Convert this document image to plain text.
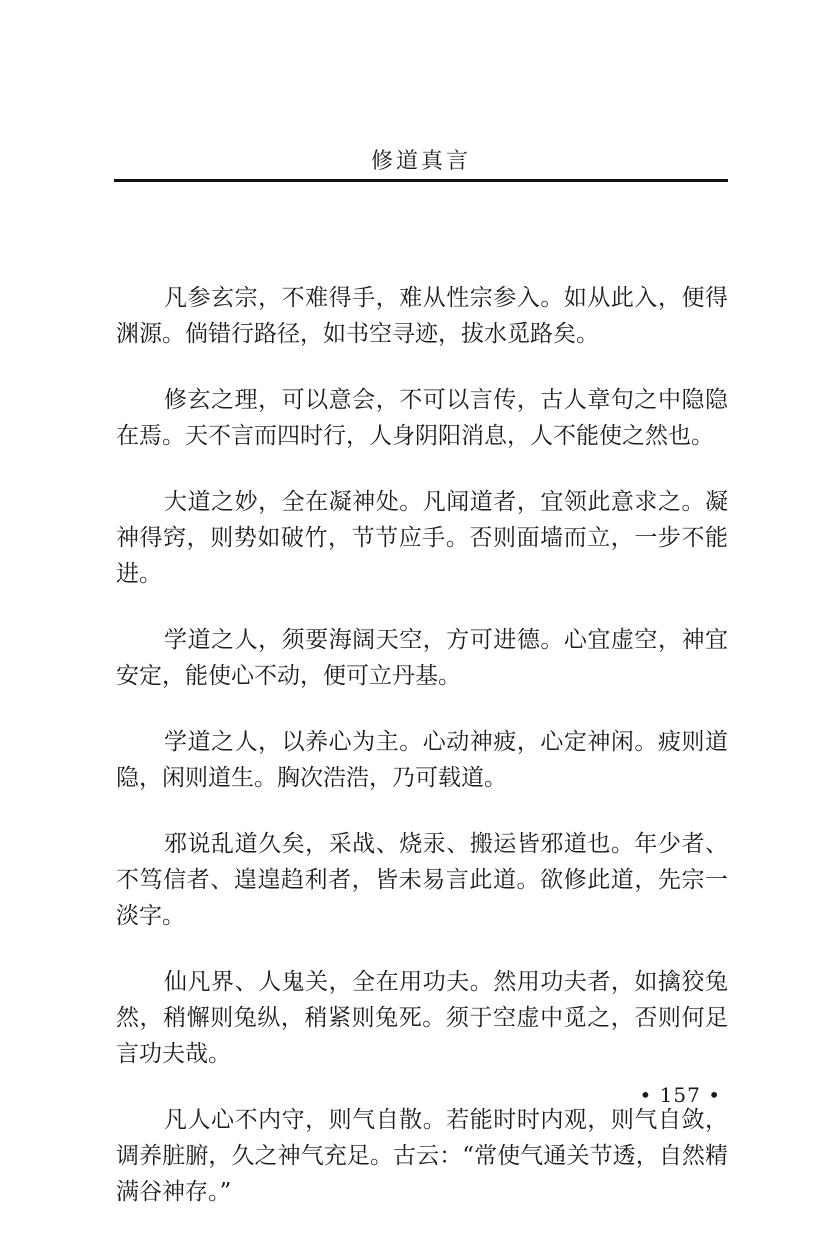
修道真言

凡参玄宗，不难得手，难从性宗参入。如从此入，便得渊源。倘错行路径，如书空寻迹，拔水觅路矣。

修玄之理，可以意会，不可以言传，古人章句之中隐隐在焉。天不言而四时行，人身阴阳消息，人不能使之然也。

大道之妙，全在凝神处。凡闻道者，宜领此意求之。凝神得窍，则势如破竹，节节应手。否则面墙而立，一步不能进。

学道之人，须要海阔天空，方可进德。心宜虚空，神宜安定，能使心不动，便可立丹基。

学道之人，以养心为主。心动神疲，心定神闲。疲则道隐，闲则道生。胸次浩浩，乃可载道。

邪说乱道久矣，采战、烧汞、搬运皆邪道也。年少者、不笃信者、遑遑趋利者，皆未易言此道。欲修此道，先宗一淡字。

仙凡界、人鬼关，全在用功夫。然用功夫者，如擒狡兔然，稍懈则兔纵，稍紧则兔死。须于空虚中觅之，否则何足言功夫哉。

凡人心不内守，则气自散。若能时时内观，则气自敛，调养脏腑，久之神气充足。古云：“常使气通关节透，自然精满谷神存。”

• 157 •
